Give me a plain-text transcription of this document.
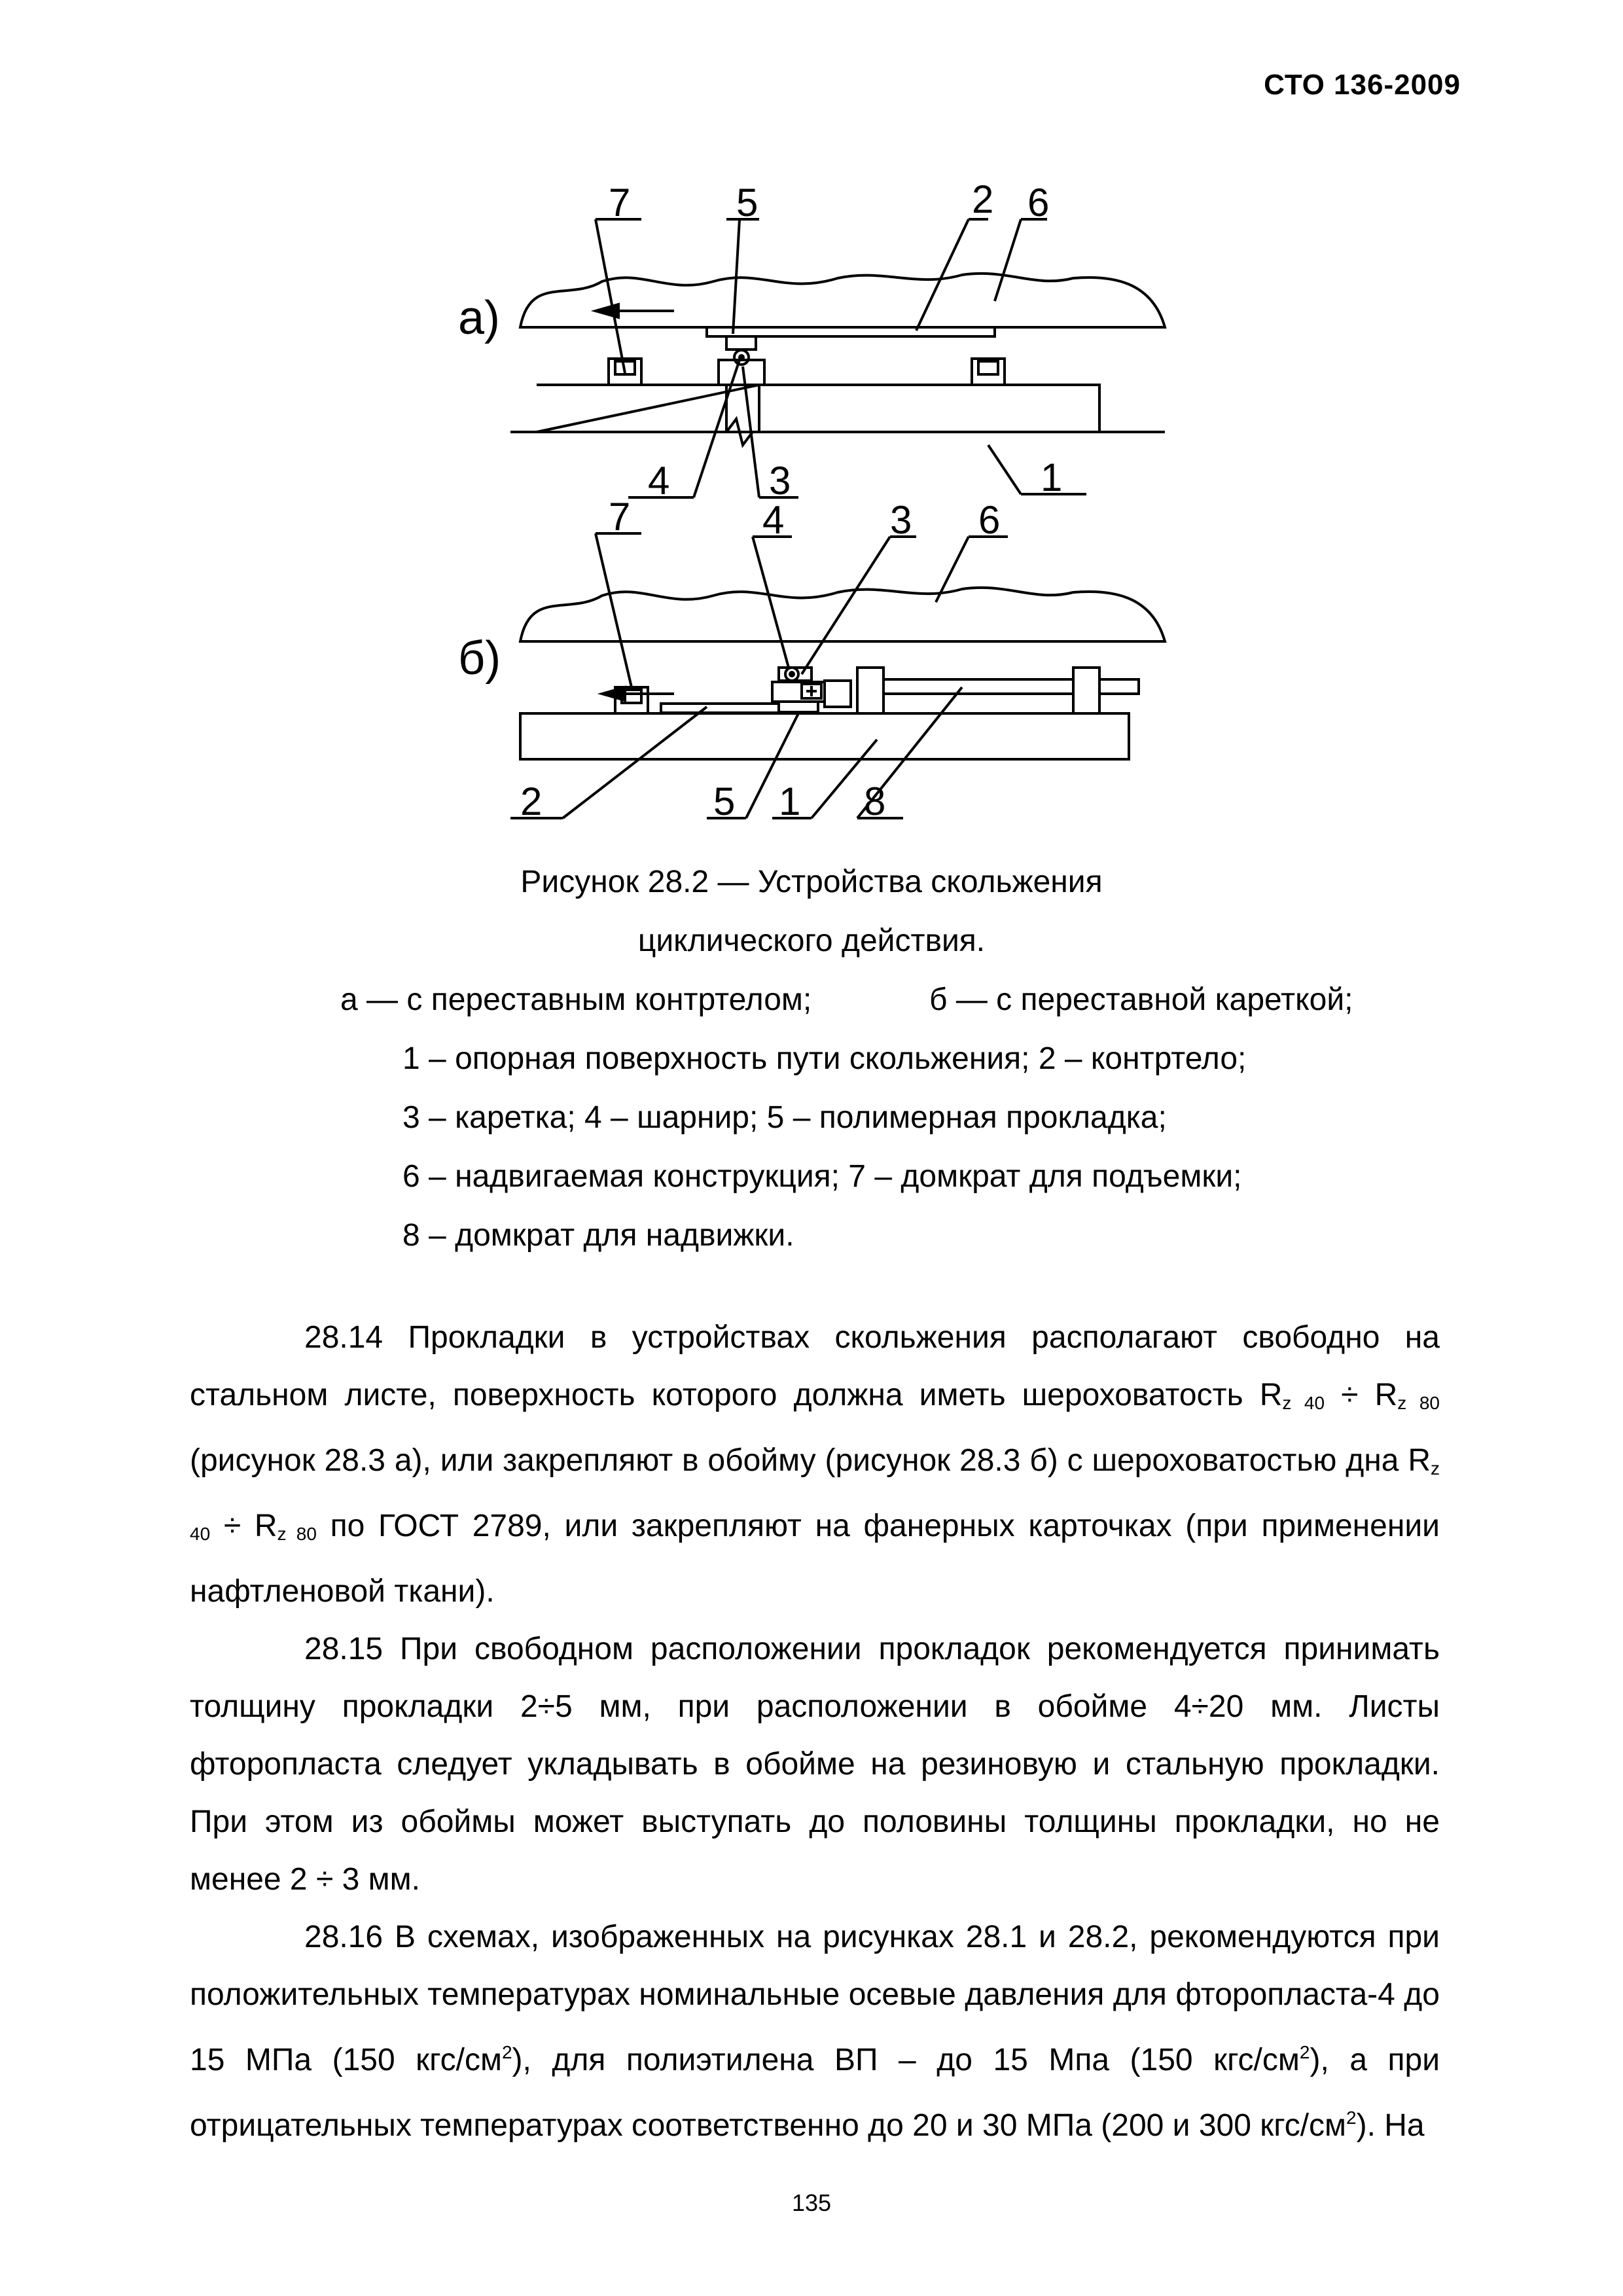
СТО 136-2009
а)
б)
7	5	2 6
4	3	1
7	4	3 6
2	5 1 8
Рисунок 28.2 — Устройства скольжения
циклического действия.
а — с переставным контртелом;	б — с переставной кареткой;
1 – опорная поверхность пути скольжения; 2 – контртело;
3 – каретка; 4 – шарнир; 5 – полимерная прокладка;
6 – надвигаемая конструкция; 7 – домкрат для подъемки;
8 – домкрат для надвижки.

28.14 Прокладки в устройствах скольжения располагают свободно на стальном листе, поверхность которого должна иметь шероховатость $R_{z 40} \div R_{z 80}$ (рисунок 28.3 а), или закрепляют в обойму (рисунок 28.3 б) с шероховатостью дна $R_{z 40} \div R_{z 80}$ по ГОСТ 2789, или закрепляют на фанерных карточках (при применении нафтленовой ткани).

28.15 При свободном расположении прокладок рекомендуется принимать толщину прокладки 2÷5 мм, при расположении в обойме 4÷20 мм. Листы фторопласта следует укладывать в обойме на резиновую и стальную прокладки. При этом из обоймы может выступать до половины толщины прокладки, но не менее 2 ÷ 3 мм.

28.16 В схемах, изображенных на рисунках 28.1 и 28.2, рекомендуются при положительных температурах номинальные осевые давления для фторопласта-4 до 15 МПа (150 кгс/$см^2$), для полиэтилена ВП – до 15 Мпа (150 кгс/$см^2$), а при отрицательных температурах соответственно до 20 и 30 МПа (200 и 300 кгс/$см^2$). На

135
